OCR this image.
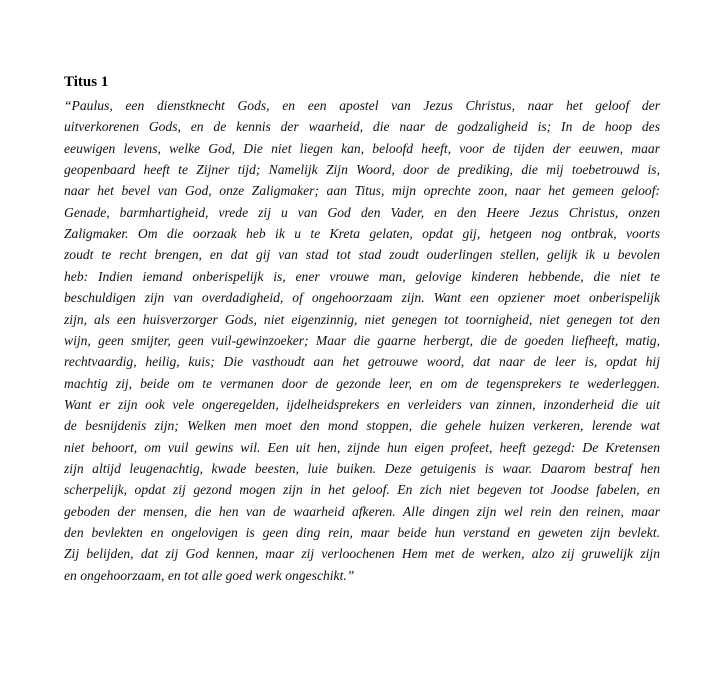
Titus 1
“Paulus, een dienstknecht Gods, en een apostel van Jezus Christus, naar het geloof der
uitverkorenen Gods, en de kennis der waarheid, die naar de godzaligheid is; In de hoop des
eeuwigen levens, welke God, Die niet liegen kan, beloofd heeft, voor de tijden der eeuwen, maar
geopenbaard heeft te Zijner tijd; Namelijk Zijn Woord, door de prediking, die mij toebetrouwd is,
naar het bevel van God, onze Zaligmaker; aan Titus, mijn oprechte zoon, naar het gemeen geloof:
Genade, barmhartigheid, vrede zij u van God den Vader, en den Heere Jezus Christus, onzen
Zaligmaker. Om die oorzaak heb ik u te Kreta gelaten, opdat gij, hetgeen nog ontbrak, voorts
zoudt te recht brengen, en dat gij van stad tot stad zoudt ouderlingen stellen, gelijk ik u bevolen
heb: Indien iemand onberispelijk is, ener vrouwe man, gelovige kinderen hebbende, die niet te
beschuldigen zijn van overdadigheid, of ongehoorzaam zijn. Want een opziener moet onberispelijk
zijn, als een huisverzorger Gods, niet eigenzinnig, niet genegen tot toornigheid, niet genegen tot den
wijn, geen smijter, geen vuil-gewinzoeker; Maar die gaarne herbergt, die de goeden liefheeft, matig,
rechtvaardig, heilig, kuis; Die vasthoudt aan het getrouwe woord, dat naar de leer is, opdat hij
machtig zij, beide om te vermanen door de gezonde leer, en om de tegensprekers te wederleggen.
Want er zijn ook vele ongeregelden, ijdelheidsprekers en verleiders van zinnen, inzonderheid die uit
de besnijdenis zijn; Welken men moet den mond stoppen, die gehele huizen verkeren, lerende wat
niet behoort, om vuil gewins wil. Een uit hen, zijnde hun eigen profeet, heeft gezegd: De Kretensen
zijn altijd leugenachtig, kwade beesten, luie buiken. Deze getuigenis is waar. Daarom bestraf hen
scherpelijk, opdat zij gezond mogen zijn in het geloof. En zich niet begeven tot Joodse fabelen, en
geboden der mensen, die hen van de waarheid afkeren. Alle dingen zijn wel rein den reinen, maar
den bevlekten en ongelovigen is geen ding rein, maar beide hun verstand en geweten zijn bevlekt.
Zij belijden, dat zij God kennen, maar zij verloochenen Hem met de werken, alzo zij gruwelijk zijn
en ongehoorzaam, en tot alle goed werk ongeschikt.”
